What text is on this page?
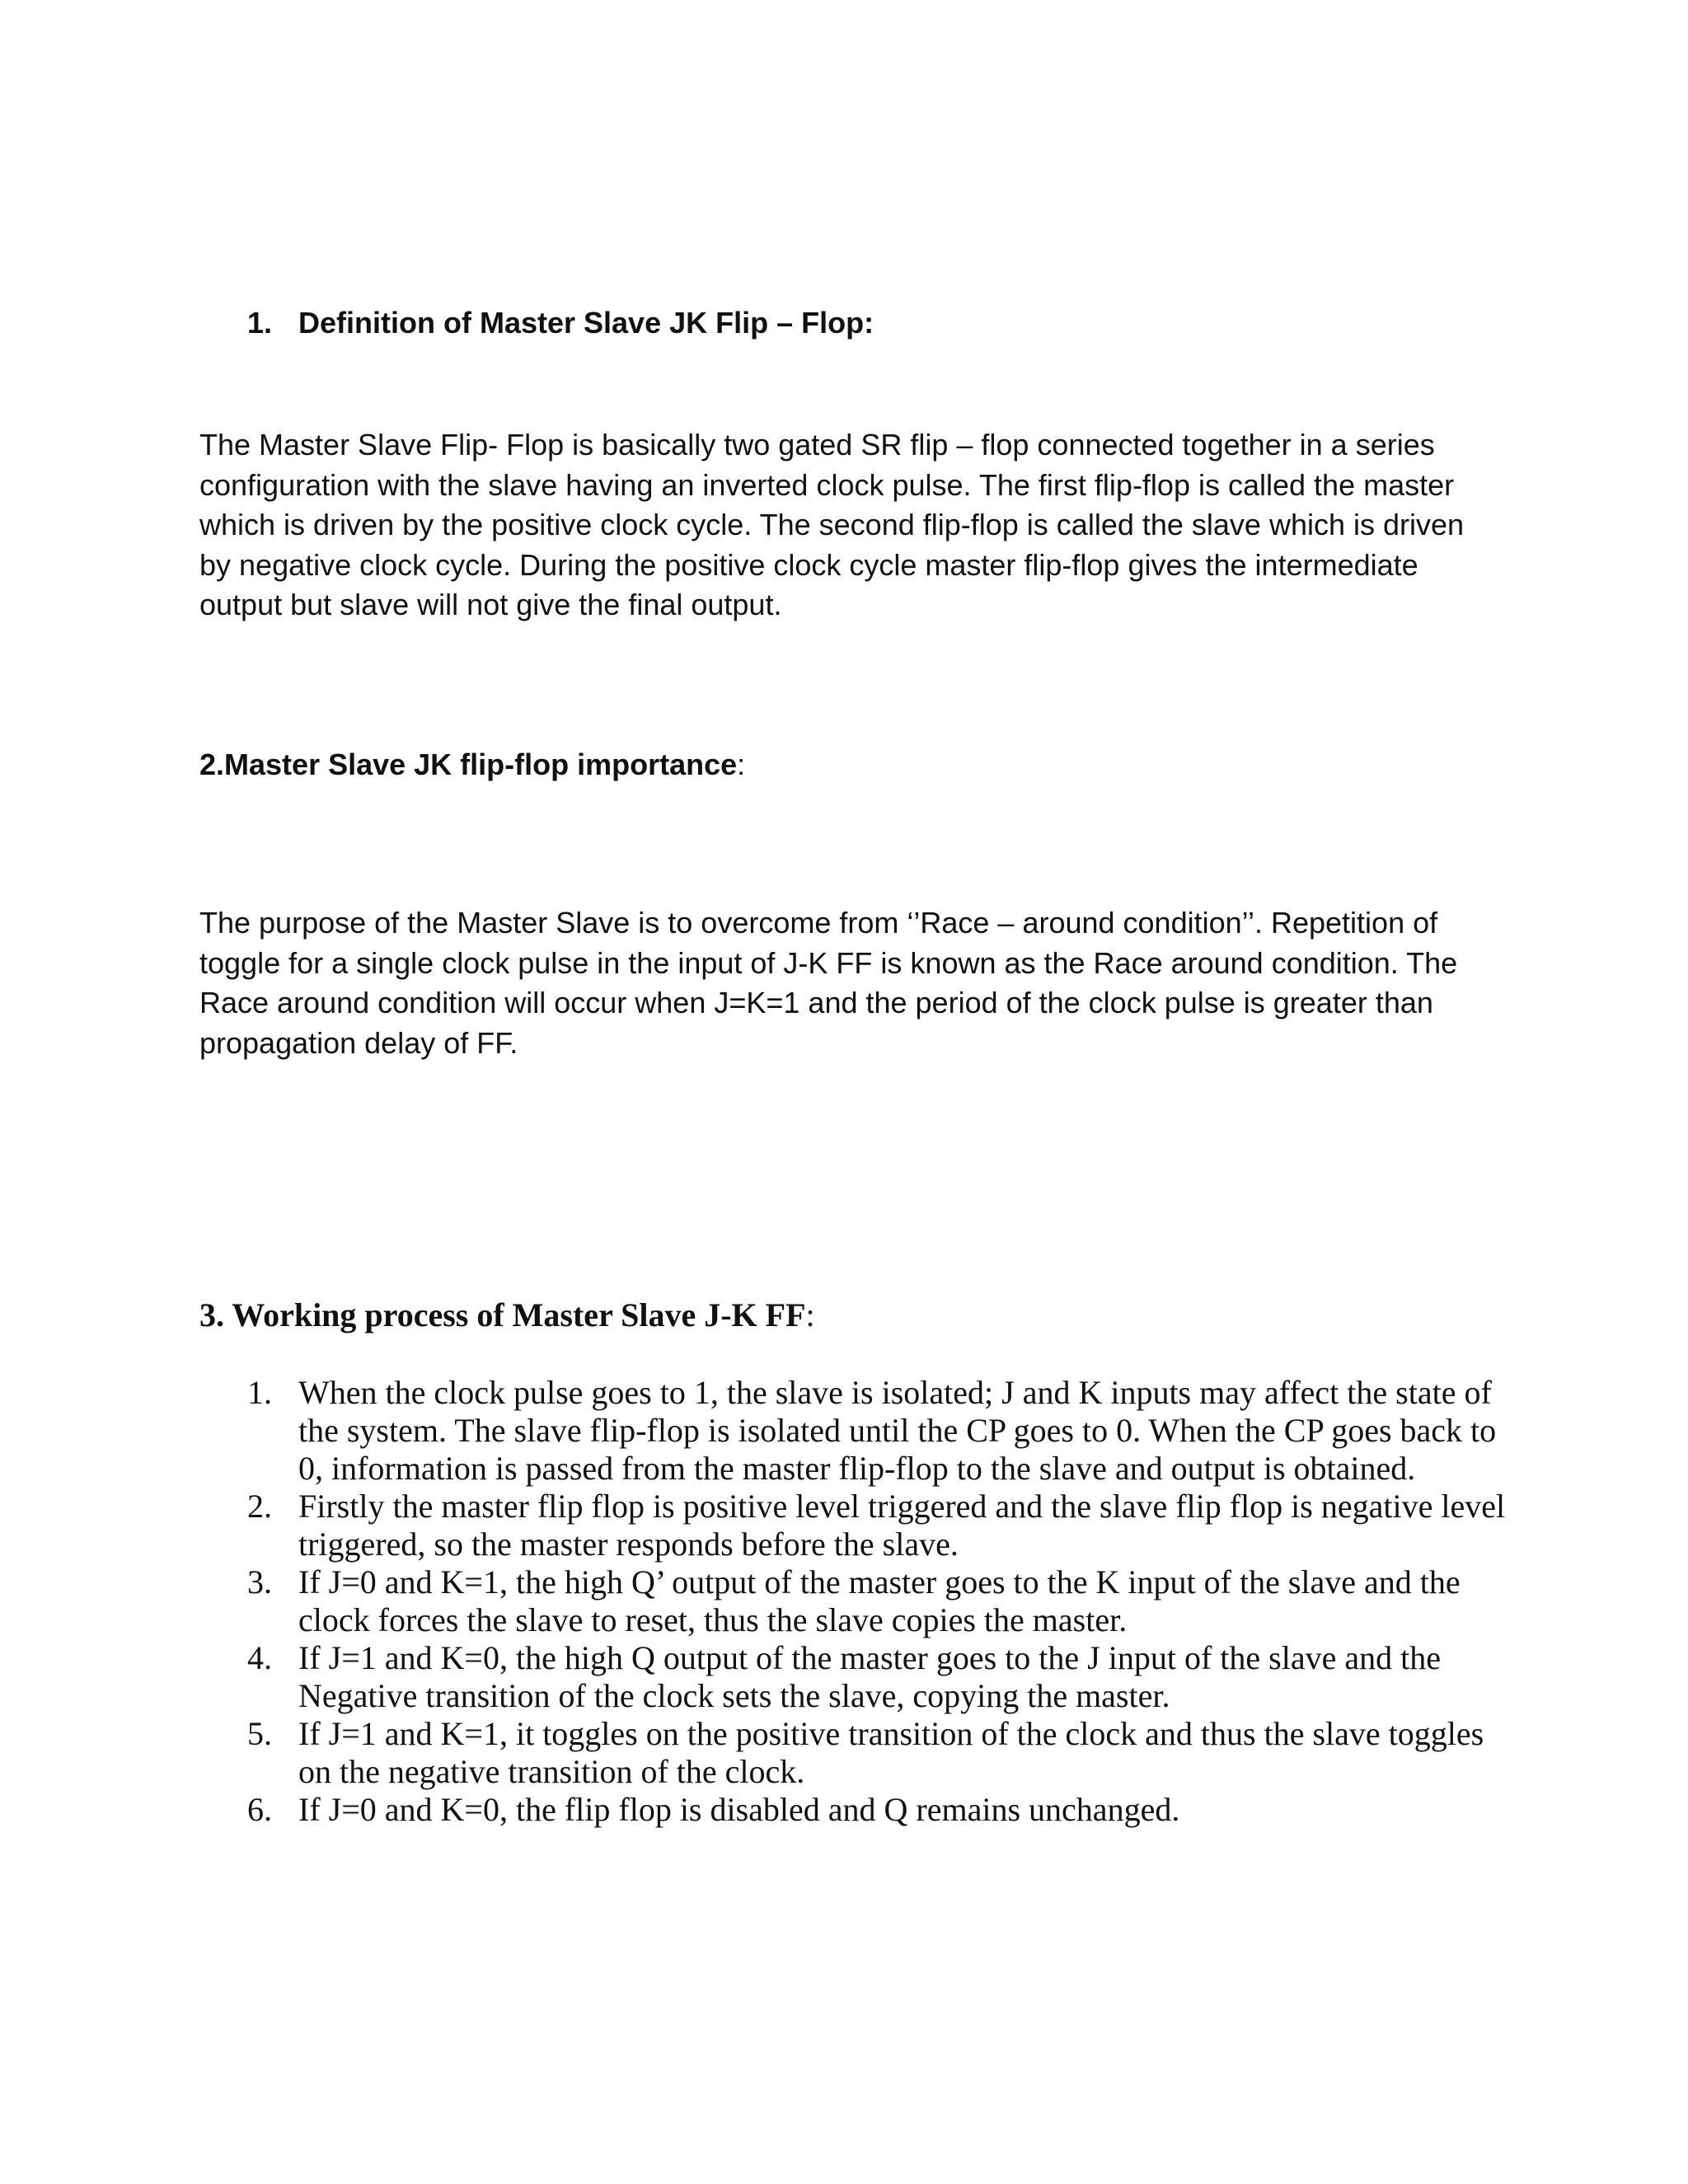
1. Definition of Master Slave JK Flip – Flop:
The Master Slave Flip- Flop is basically two gated SR flip – flop connected together in a series configuration with the slave having an inverted clock pulse. The first flip-flop is called the master which is driven by the positive clock cycle. The second flip-flop is called the slave which is driven by negative clock cycle. During the positive clock cycle master flip-flop gives the intermediate output but slave will not give the final output.
2.Master Slave JK flip-flop importance:
The purpose of the Master Slave is to overcome from ‘’Race – around condition’’. Repetition of toggle for a single clock pulse in the input of J-K FF is known as the Race around condition. The Race around condition will occur when J=K=1 and the period of the clock pulse is greater than propagation delay of FF.
3. Working process of Master Slave J-K FF:
1. When the clock pulse goes to 1, the slave is isolated; J and K inputs may affect the state of the system. The slave flip-flop is isolated until the CP goes to 0. When the CP goes back to 0, information is passed from the master flip-flop to the slave and output is obtained.
2. Firstly the master flip flop is positive level triggered and the slave flip flop is negative level triggered, so the master responds before the slave.
3. If J=0 and K=1, the high Q’ output of the master goes to the K input of the slave and the clock forces the slave to reset, thus the slave copies the master.
4. If J=1 and K=0, the high Q output of the master goes to the J input of the slave and the Negative transition of the clock sets the slave, copying the master.
5. If J=1 and K=1, it toggles on the positive transition of the clock and thus the slave toggles on the negative transition of the clock.
6. If J=0 and K=0, the flip flop is disabled and Q remains unchanged.
